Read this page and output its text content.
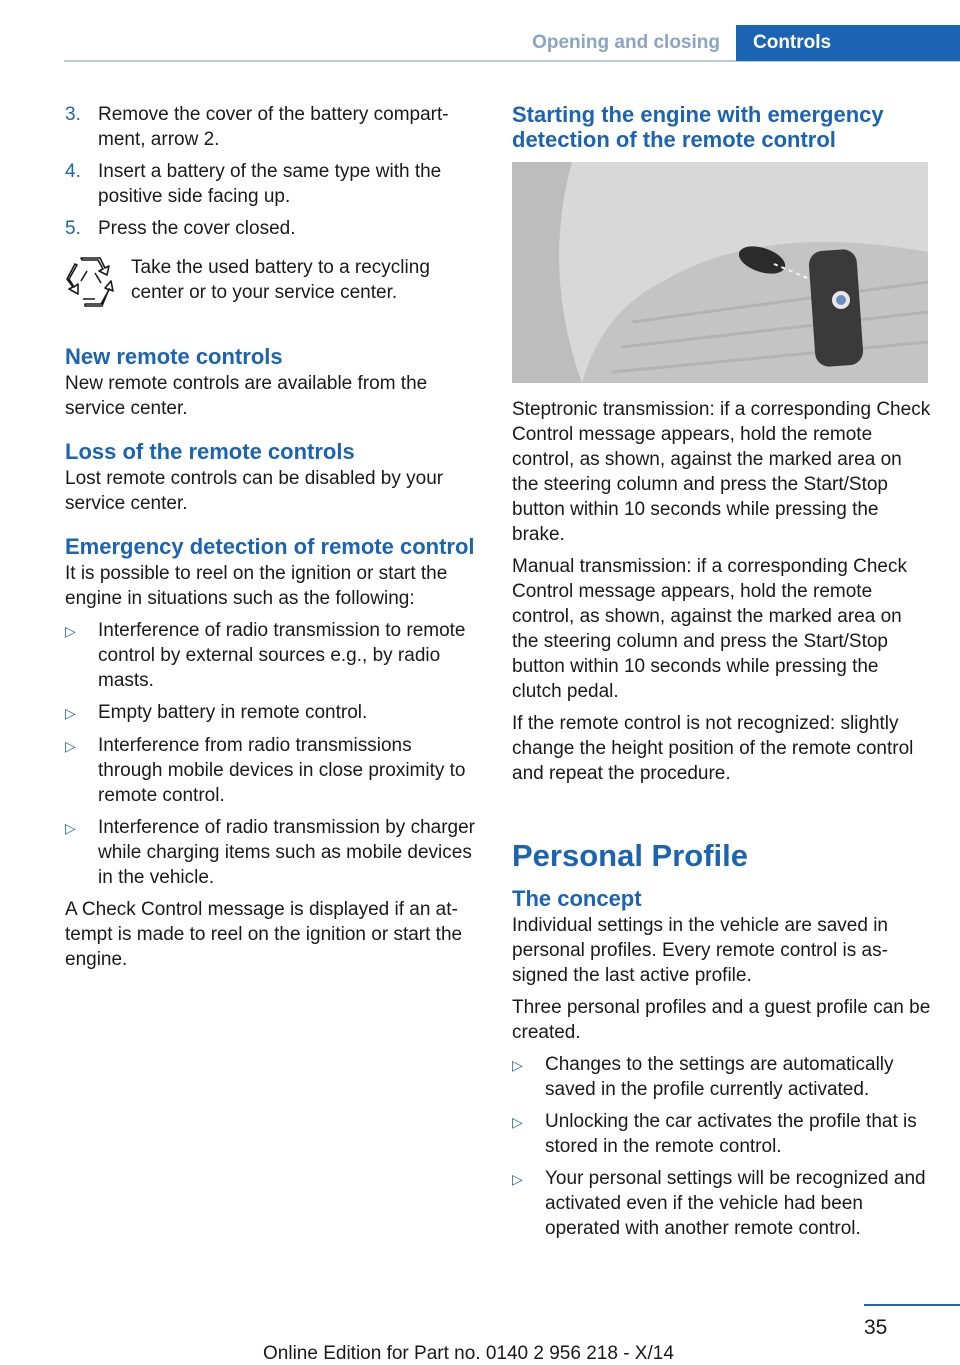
Opening and closing	Controls
3. Remove the cover of the battery compartment, arrow 2.
4. Insert a battery of the same type with the positive side facing up.
5. Press the cover closed.
Take the used battery to a recycling center or to your service center.
New remote controls

New remote controls are available from the service center.

Loss of the remote controls

Lost remote controls can be disabled by your service center.

Emergency detection of remote control

It is possible to reel on the ignition or start the engine in situations such as the following:

▷	Interference of radio transmission to remote control by external sources e.g., by radio masts.
▷	Empty battery in remote control.
▷	Interference from radio transmissions through mobile devices in close proximity to remote control.
▷	Interference of radio transmission by charger while charging items such as mobile devices in the vehicle.

A Check Control message is displayed if an attempt is made to reel on the ignition or start the engine.

Starting the engine with emergency detection of the remote control

Steptronic transmission: if a corresponding Check Control message appears, hold the remote control, as shown, against the marked area on the steering column and press the Start/Stop button within 10 seconds while pressing the brake.

Manual transmission: if a corresponding Check Control message appears, hold the remote control, as shown, against the marked area on the steering column and press the Start/Stop button within 10 seconds while pressing the clutch pedal.

If the remote control is not recognized: slightly change the height position of the remote control and repeat the procedure.

Personal Profile
The concept

Individual settings in the vehicle are saved in personal profiles. Every remote control is assigned the last active profile.

Three personal profiles and a guest profile can be created.

▷	Changes to the settings are automatically saved in the profile currently activated.
▷	Unlocking the car activates the profile that is stored in the remote control.
▷	Your personal settings will be recognized and activated even if the vehicle had been operated with another remote control.
35
Online Edition for Part no. 0140 2 956 218 - X/14
